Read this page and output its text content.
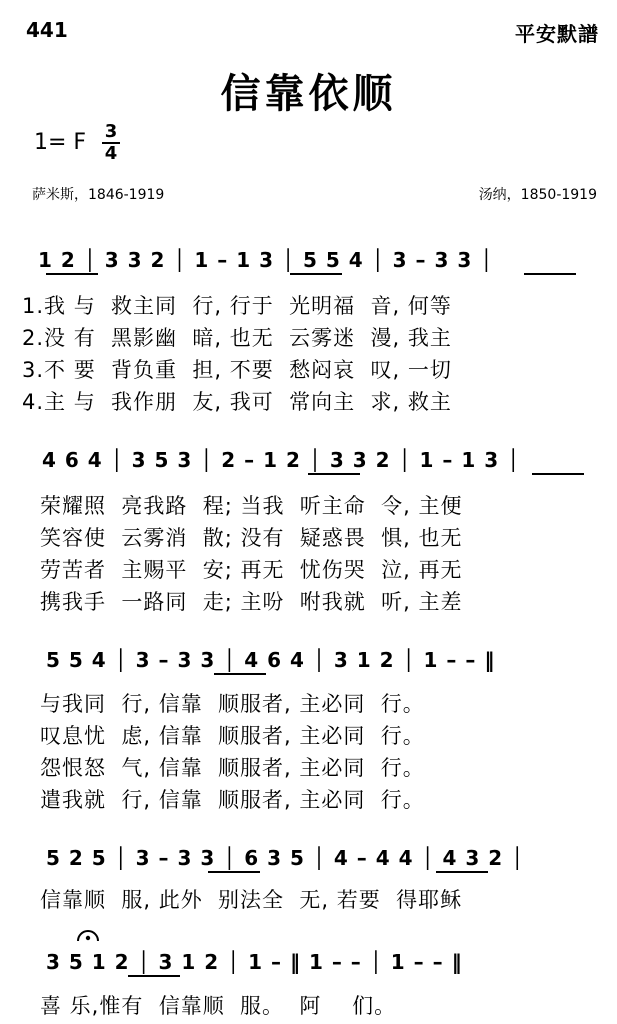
441	平安默譜
信靠依顺
1= F 3
4
萨米斯，1846-1919	汤纳，1850-1919
1 2 │ 3 3 2 │ 1 – 1 3 │ 5 5 4 │ 3 – 3 3 │
1.我 与  救主同  行, 行于  光明福  音, 何等
2.没 有  黑影幽  暗, 也无  云雾迷  漫, 我主
3.不 要  背负重  担, 不要  愁闷哀  叹, 一切
4.主 与  我作朋  友, 我可  常向主  求, 救主
4 6 4 │ 3 5 3 │ 2 – 1 2 │ 3 3 2 │ 1 – 1 3 │
荣耀照  亮我路  程; 当我  听主命  令, 主便
笑容使  云雾消  散; 没有  疑惑畏  惧, 也无
劳苦者  主赐平  安; 再无  忧伤哭  泣, 再无
携我手  一路同  走; 主吩  咐我就  听, 主差
5 5 4 │ 3 – 3 3 │ 4 6 4 │ 3 1 2 │ 1 – – ‖
与我同  行, 信靠  顺服者, 主必同  行。
叹息忧  虑, 信靠  顺服者, 主必同  行。
怨恨怒  气, 信靠  顺服者, 主必同  行。
遣我就  行, 信靠  顺服者, 主必同  行。
5 2 5 │ 3 – 3 3 │ 6 3 5 │ 4 – 4 4 │ 4 3 2 │
信靠顺  服, 此外  别法全  无, 若要  得耶稣
3 5 1 2 │ 3 1 2 │ 1 – ‖ 1 – – │ 1 – – ‖
喜 乐,惟有  信靠顺  服。  阿    们。
